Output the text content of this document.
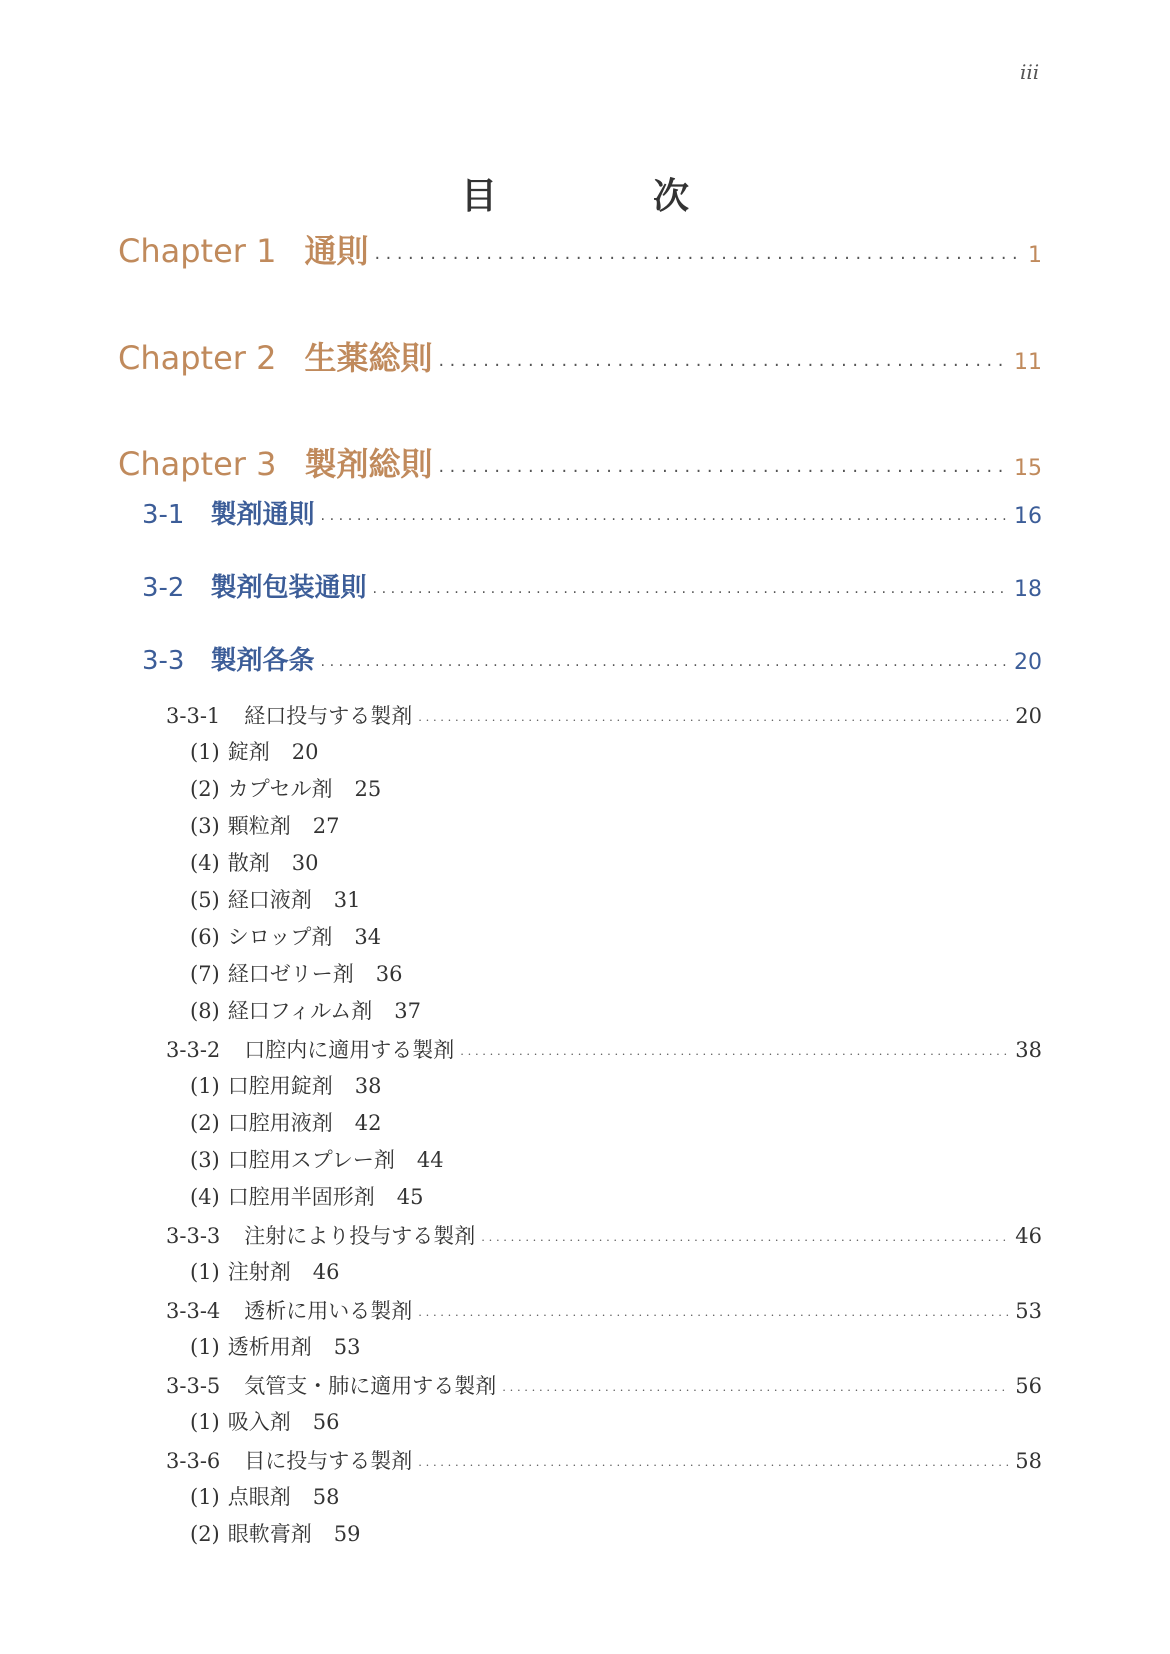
iii
目　次
Chapter 1 通則 · · ·	1
Chapter 2 生薬総則 · · ·	11
Chapter 3 製剤総則 · · ·	15
3-1 製剤通則 · · ·	16
3-2 製剤包装通則 · · ·	18
3-3 製剤各条 · · ·	20
3-3-1 経口投与する製剤 · · ·	20
(1) 錠剤 20
(2) カプセル剤 25
(3) 顆粒剤 27
(4) 散剤 30
(5) 経口液剤 31
(6) シロップ剤 34
(7) 経口ゼリー剤 36
(8) 経口フィルム剤 37
3-3-2 口腔内に適用する製剤 · · ·	38
(1) 口腔用錠剤 38
(2) 口腔用液剤 42
(3) 口腔用スプレー剤 44
(4) 口腔用半固形剤 45
3-3-3 注射により投与する製剤 · · ·	46
(1) 注射剤 46
3-3-4 透析に用いる製剤 · · ·	53
(1) 透析用剤 53
3-3-5 気管支・肺に適用する製剤 · · ·	56
(1) 吸入剤 56
3-3-6 目に投与する製剤 · · ·	58
(1) 点眼剤 58
(2) 眼軟膏剤 59
